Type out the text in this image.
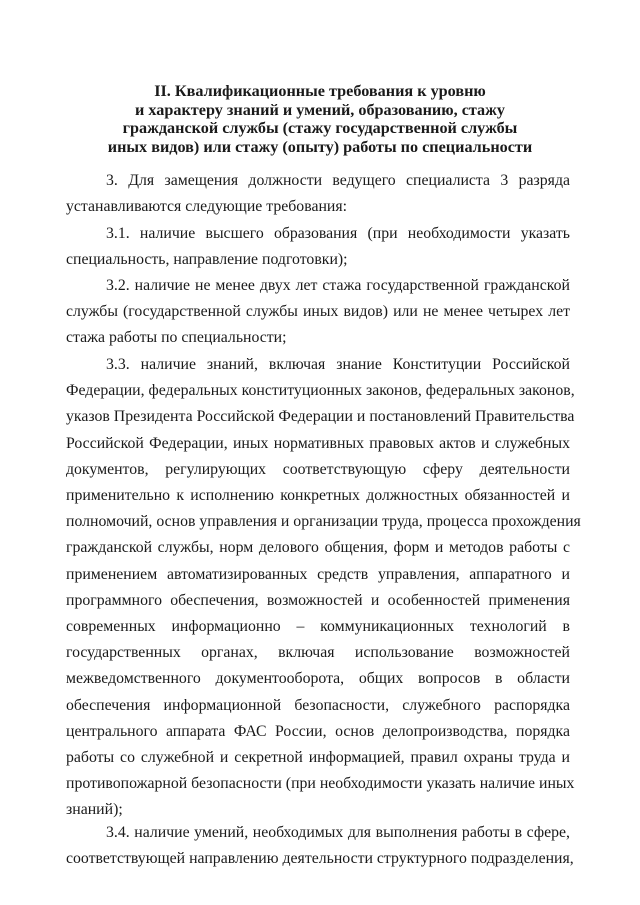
II. Квалификационные требования к уровню
и характеру знаний и умений, образованию, стажу
гражданской службы (стажу государственной службы
иных видов) или стажу (опыту) работы по специальности
3. Для замещения должности ведущего специалиста 3 разряда
устанавливаются следующие требования:
3.1. наличие высшего образования (при необходимости указать
специальность, направление подготовки);
3.2. наличие не менее двух лет стажа государственной гражданской
службы (государственной службы иных видов) или не менее четырех лет
стажа работы по специальности;
3.3. наличие знаний, включая знание Конституции Российской
Федерации, федеральных конституционных законов, федеральных законов,
указов Президента Российской Федерации и постановлений Правительства
Российской Федерации, иных нормативных правовых актов и служебных
документов, регулирующих соответствующую сферу деятельности
применительно к исполнению конкретных должностных обязанностей и
полномочий, основ управления и организации труда, процесса прохождения
гражданской службы, норм делового общения, форм и методов работы с
применением автоматизированных средств управления, аппаратного и
программного обеспечения, возможностей и особенностей применения
современных информационно – коммуникационных технологий в
государственных органах, включая использование возможностей
межведомственного документооборота, общих вопросов в области
обеспечения информационной безопасности, служебного распорядка
центрального аппарата ФАС России, основ делопроизводства, порядка
работы со служебной и секретной информацией, правил охраны труда и
противопожарной безопасности (при необходимости указать наличие иных
знаний);
3.4. наличие умений, необходимых для выполнения работы в сфере,
соответствующей направлению деятельности структурного подразделения,
